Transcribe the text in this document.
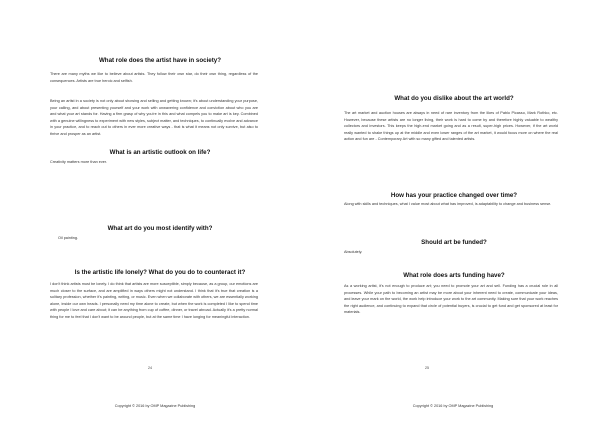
What role does the artist have in society?

There are many myths we like to believe about artists. They follow their own star, do their own thing, regardless of the consequences. Artists are true heroic and selfish.

Being an artist in a society is not only about showing and selling and getting known; it's about understanding your purpose, your calling, and about presenting yourself and your work with unwavering confidence and conviction about who you are and what your art stands for. Having a firm grasp of why you're in this and what compels you to make art is key. Combined with a genuine willingness to experiment with new styles, subject matter, and techniques, to continually evolve and advance in your practice, and to reach out to others in ever more creative ways - that is what it means not only survive, but also to thrive and prosper as an artist.

What is an artistic outlook on life?

Creativity matters more than ever.

What art do you most identify with?

Oil painting.

Is the artistic life lonely? What do you do to counteract it?

I don't think artists must be lonely. I do think that artists are more susceptible, simply because, as a group, our emotions are much closer to the surface, and are amplified in ways others might not understand. I think that it's true that creation is a solitary profession, whether it's painting, writing, or music. Even when we collaborate with others, we are essentially working alone, inside our own heads. I personally need my time alone to create, but when the work is completed I like to spend time with people I love and care about; it can be anything from cup of coffee, dinner, or travel abroad. Actually it's a pretty normal thing for me to feel that I don't want to be around people, but at the same time I have longing for meaningful interaction.

24
Copyright © 2016 by OMP Magazine Publishing
What do you dislike about the art world?

The art market and auction houses are always in need of rare inventory from the likes of Pablo Picasso, Mark Rothko, etc. However, because these artists are no longer living, their work is hard to come by and therefore highly valuable to wealthy collectors and investors. This keeps the high-end market going and as a result, super-high prices. However, if the art world really wanted to shake things up at the middle and even lower ranges of the art market, it would focus more on where the real action and fun are - Contemporary Art with so many gifted and talented artists.

How has your practice changed over time?

Along with skills and techniques, what I value most about what has improved, is adaptability to change and business sense.

Should art be funded?

Absolutely.

What role does arts funding have?

As a working artist, it's not enough to produce art; you need to promote your art and sell. Funding has a crucial role in all processes. While your path to becoming an artist may be more about your inherent need to create, communicate your ideas, and leave your mark on the world, the work help introduce your work to the art community. Making sure that your work reaches the right audience, and continuing to expand that circle of potential buyers, is crucial to get fund and get sponsored at least for materials.

25
Copyright © 2016 by OMP Magazine Publishing
